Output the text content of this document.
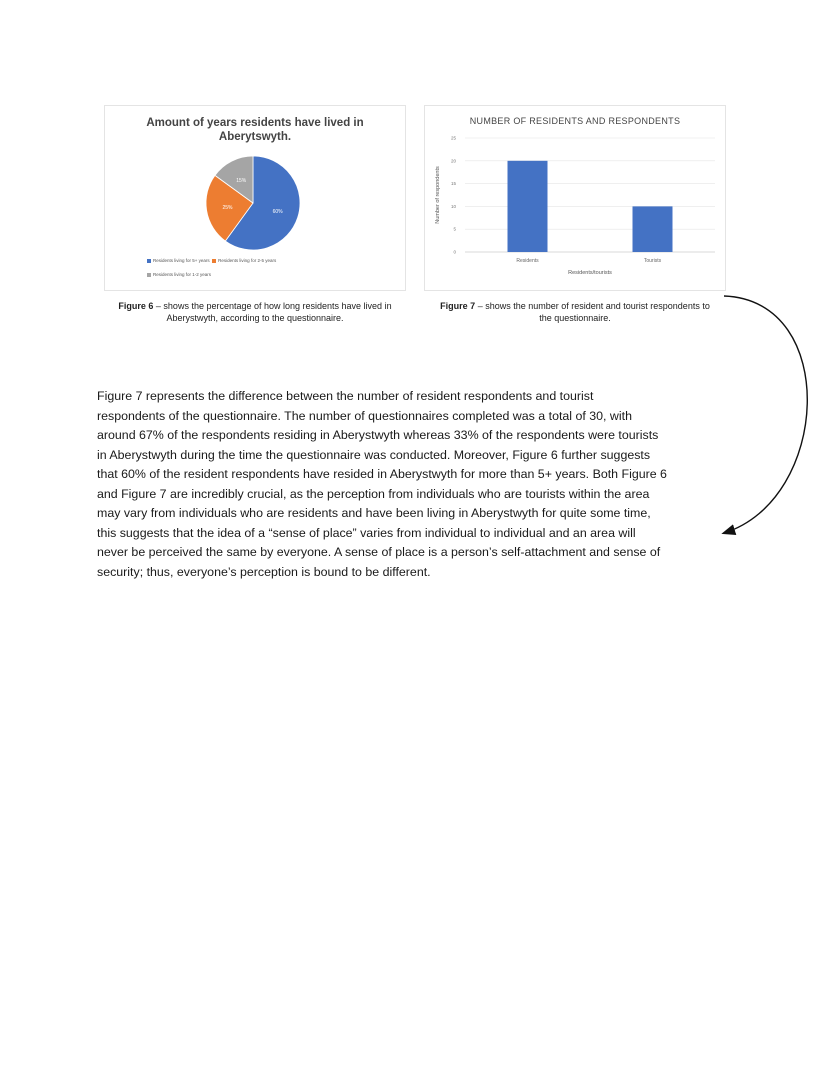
Amount of years residents have lived in
Aberytswyth.
60%
25%
15%
Residents living for 5+ years Residents living for 2-5 years
Residents living for 1-2 years
Figure 6 – shows the percentage of how long residents have lived in
Aberystwyth, according to the questionnaire.
NUMBER OF RESIDENTS AND RESPONDENTS
0
5
10
15
20
25
Residents	Tourists
Residents/tourists
Number of respondents
Figure 7 – shows the number of resident and tourist respondents to
the questionnaire.
Figure 7 represents the difference between the number of resident respondents and tourist
respondents of the questionnaire. The number of questionnaires completed was a total of 30, with
around 67% of the respondents residing in Aberystwyth whereas 33% of the respondents were tourists
in Aberystwyth during the time the questionnaire was conducted. Moreover, Figure 6 further suggests
that 60% of the resident respondents have resided in Aberystwyth for more than 5+ years. Both Figure 6
and Figure 7 are incredibly crucial, as the perception from individuals who are tourists within the area
may vary from individuals who are residents and have been living in Aberystwyth for quite some time,
this suggests that the idea of a “sense of place” varies from individual to individual and an area will
never be perceived the same by everyone. A sense of place is a person’s self-attachment and sense of
security; thus, everyone’s perception is bound to be different.
